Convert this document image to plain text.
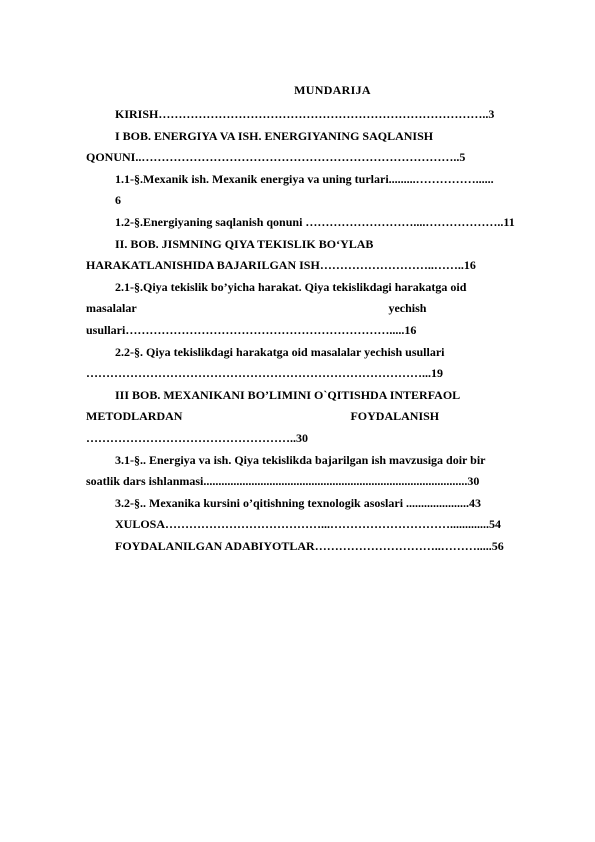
MUNDARIJA
KIRISH………………………………………………………………………..3
I BOB. ENERGIYA VA ISH. ENERGIYANING SAQLANISH
QONUNI..……………………………………………………………………..5
1.1-§.Mexanik ish. Mexanik energiya va uning turlari.........……………......
6
1.2-§.Energiyaning saqlanish qonuni ………………………....………………..11
II. BOB. JISMNING QIYA TEKISLIK BO‘YLAB
HARAKATLANISHIDA BAJARILGAN ISH………………………..……..16
2.1-§.Qiya tekislik bo’yicha harakat. Qiya tekislikdagi harakatga oid
masalalar                                                                                    yechish
usullari………………………………………………………….....16
2.2-§. Qiya tekislikdagi harakatga oid masalalar yechish usullari
…………………………………………………………………………...19
III BOB. MEXANIKANI BO’LIMINI O`QITISHDA INTERFAOL
METODLARDAN                                                        FOYDALANISH
……………………………………………..30
3.1-§.. Energiya va ish. Qiya tekislikda bajarilgan ish mavzusiga doir bir
soatlik dars ishlanmasi........................................................................................30
3.2-§.. Mexanika kursini o’qitishning texnologik asoslari .....................43
XULOSA…………………………………...………………………….............54
FOYDALANILGAN ADABIYOTLAR…………………………..……….....56
